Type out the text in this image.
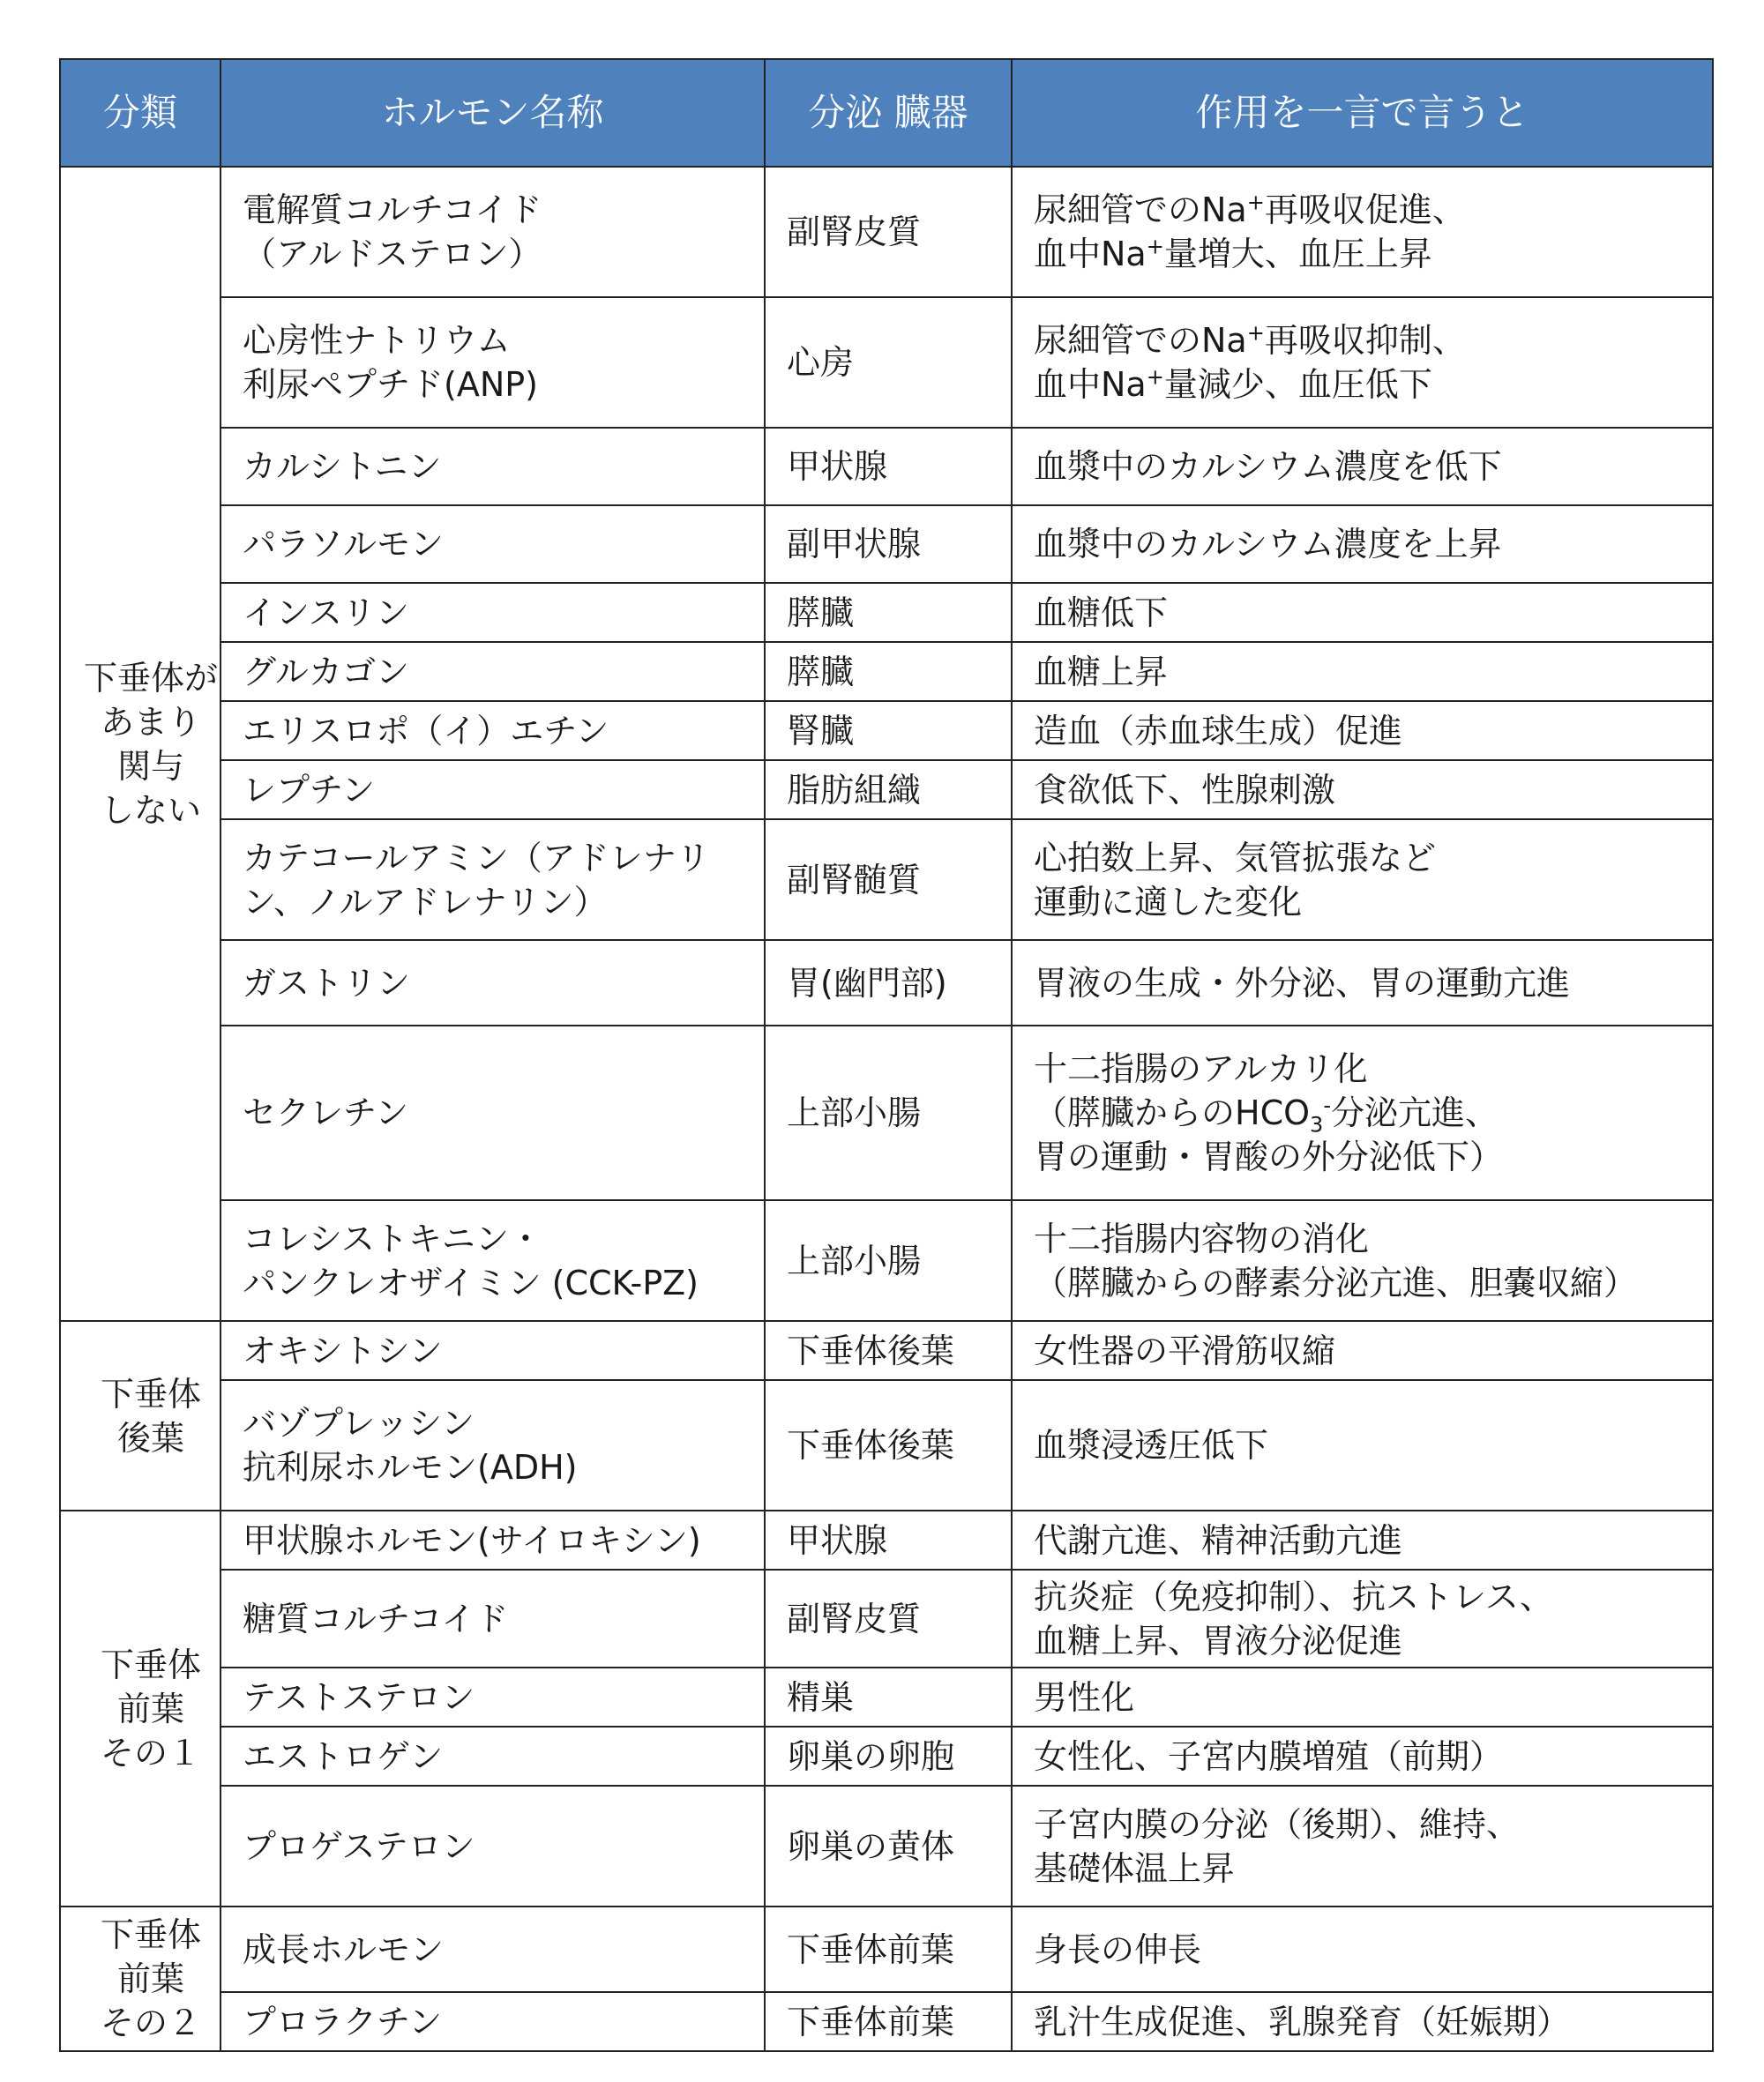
分類	ホルモン名称	分泌 臓器	作用を一言で言うと

下垂体が
あまり
関与
しない	電解質コルチコイド
（アルドステロン）	副腎皮質	尿細管でのNa+再吸収促進、
血中Na+量増大、血圧上昇

	心房性ナトリウム
利尿ペプチド(ANP)	心房	尿細管でのNa+再吸収抑制、
血中Na+量減少、血圧低下

	カルシトニン	甲状腺	血漿中のカルシウム濃度を低下

	パラソルモン	副甲状腺	血漿中のカルシウム濃度を上昇

	インスリン	膵臓	血糖低下

	グルカゴン	膵臓	血糖上昇

	エリスロポ（イ）エチン	腎臓	造血（赤血球生成）促進

	レプチン	脂肪組織	食欲低下、性腺刺激

	カテコールアミン（アドレナリ
ン、ノルアドレナリン）	副腎髄質	心拍数上昇、気管拡張など
運動に適した変化

	ガストリン	胃(幽門部)	胃液の生成・外分泌、胃の運動亢進

	セクレチン	上部小腸	十二指腸のアルカリ化
（膵臓からの$HCO_3^-$分泌亢進、
胃の運動・胃酸の外分泌低下）

	コレシストキニン・
パンクレオザイミン (CCK-PZ)	上部小腸	十二指腸内容物の消化
（膵臓からの酵素分泌亢進、胆嚢収縮）

下垂体
後葉	オキシトシン	下垂体後葉	女性器の平滑筋収縮

	バゾプレッシン
抗利尿ホルモン(ADH)	下垂体後葉	血漿浸透圧低下

下垂体
前葉
その１	甲状腺ホルモン(サイロキシン)	甲状腺	代謝亢進、精神活動亢進

	糖質コルチコイド	副腎皮質	抗炎症（免疫抑制）、抗ストレス、
血糖上昇、胃液分泌促進

	テストステロン	精巣	男性化

	エストロゲン	卵巣の卵胞	女性化、子宮内膜増殖（前期）

	プロゲステロン	卵巣の黄体	子宮内膜の分泌（後期）、維持、
基礎体温上昇

下垂体
前葉
その２	成長ホルモン	下垂体前葉	身長の伸長

	プロラクチン	下垂体前葉	乳汁生成促進、乳腺発育（妊娠期）
